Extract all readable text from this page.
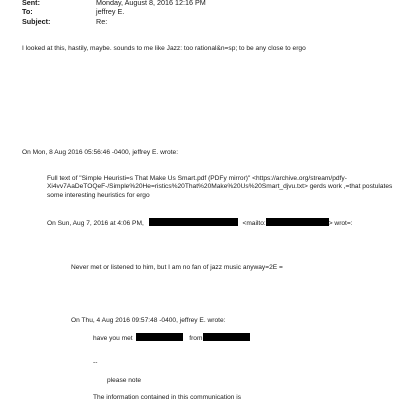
Sent:	Monday, August 8, 2016 12:16 PM
To:	jeffrey E.
Subject:	Re:
I looked at this, hastily, maybe. sounds to me like Jazz: too rational&n=sp; to be any close to ergo
On Mon, 8 Aug 2016 05:56:46 -0400, jeffrey E. wrote:
Full text of "Simple Heuristi=s That Make Us Smart.pdf (PDFy mirror)" <https://archive.org/stream/pdfy-
Xi4vv7AaDeTOQeF-/Simple%20He=ristics%20That%20Make%20Us%20Smart_djvu.txt> gerds work ,=that postulates
some interesting heuristics for ergo
On Sun, Aug 7, 2016 at 4:06 PM,	<mailto:	> wrot=:
Never met or listened to him, but I am no fan of jazz music anyway=2E =
On Thu, 4 Aug 2016 09:57:48 -0400, jeffrey E. wrote:
have you met	from
--
please note
The information contained in this communication is
